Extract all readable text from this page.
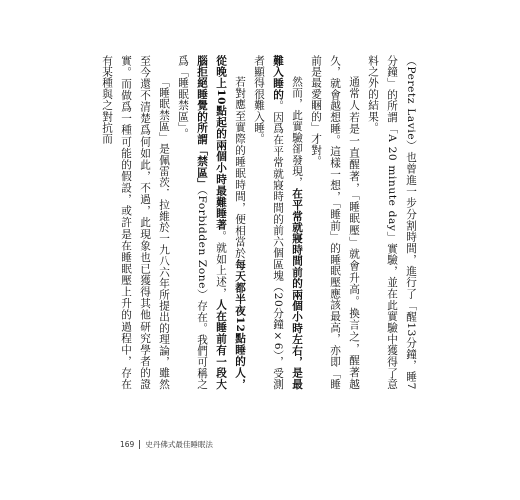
（Peretz Lavie）也曾進一步分割時間，進行了「醒13分鐘，睡7分鐘」的所謂「A 20 minute day」實驗，並在此實驗中獲得了意料之外的結果。

通常人若是一直醒著，「睡眠壓」就會升高。換言之，醒著越久，就會越想睡。這樣一想，「睡前」的睡眠壓應該最高，亦即「睡前是最愛睏的」才對。

然而，此實驗卻發現，在平常就寢時間前的兩個小時左右，是最難入睡的。因爲在平常就寢時間的前六個區塊（20分鐘×6），受測者顯得很難入睡。

若對應至實際的睡眠時間，便相當於每天都半夜12點睡的人，從晚上10點起的兩個小時最難睡著。就如上述，人在睡前有一段大腦拒絕睡覺的所謂「禁區」（Forbidden Zone）存在。我們可稱之爲「睡眠禁區」。

「睡眠禁區」是佩雷茨．拉維於一九八六年所提出的理論，雖然至今還不清楚爲何如此，不過，此現象也已獲得其他研究學者的證實。而做爲一種可能的假設，或許是在睡眠壓上升的過程中，存在有某種與之對抗而

169 史丹佛式最佳睡眠法
